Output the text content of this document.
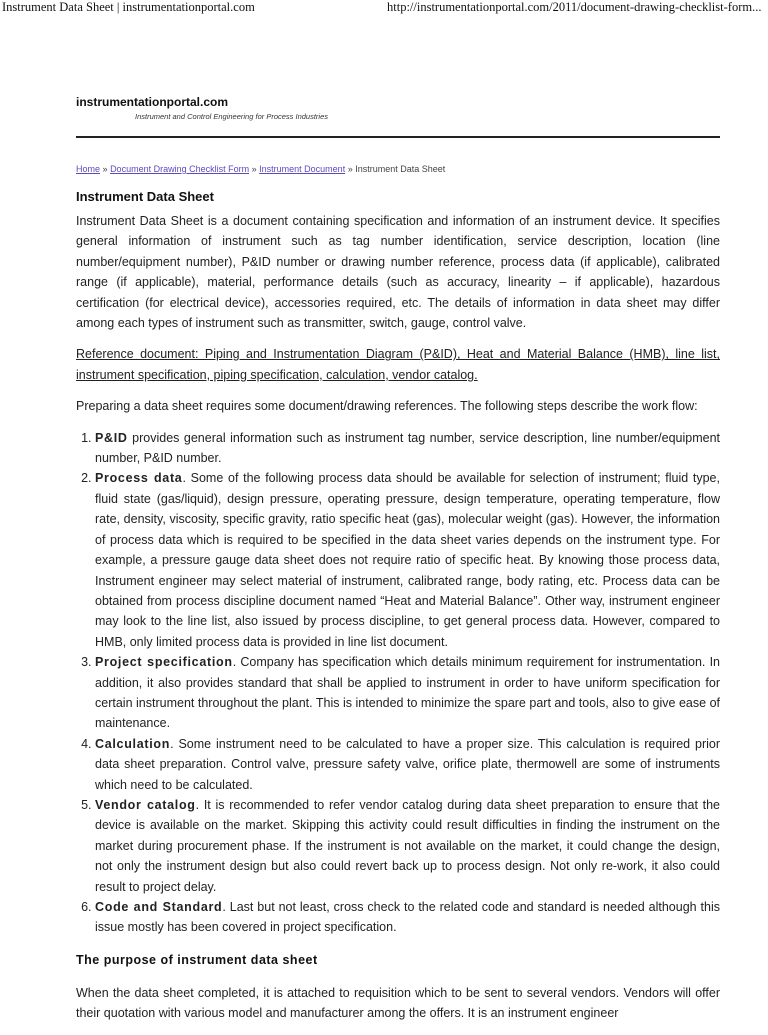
Instrument Data Sheet | instrumentationportal.com	http://instrumentationportal.com/2011/document-drawing-checklist-form...
instrumentationportal.com
Instrument and Control Engineering for Process Industries
Home » Document Drawing Checklist Form » Instrument Document » Instrument Data Sheet
Instrument Data Sheet

Instrument Data Sheet is a document containing specification and information of an instrument device. It specifies general information of instrument such as tag number identification, service description, location (line number/equipment number), P&ID number or drawing number reference, process data (if applicable), calibrated range (if applicable), material, performance details (such as accuracy, linearity – if applicable), hazardous certification (for electrical device), accessories required, etc. The details of information in data sheet may differ among each types of instrument such as transmitter, switch, gauge, control valve.

Reference document: Piping and Instrumentation Diagram (P&ID), Heat and Material Balance (HMB), line list, instrument specification, piping specification, calculation, vendor catalog.

Preparing a data sheet requires some document/drawing references. The following steps describe the work flow:

1. P&ID provides general information such as instrument tag number, service description, line number/equipment number, P&ID number.
2. Process data. Some of the following process data should be available for selection of instrument; fluid type, fluid state (gas/liquid), design pressure, operating pressure, design temperature, operating temperature, flow rate, density, viscosity, specific gravity, ratio specific heat (gas), molecular weight (gas). However, the information of process data which is required to be specified in the data sheet varies depends on the instrument type. For example, a pressure gauge data sheet does not require ratio of specific heat. By knowing those process data, Instrument engineer may select material of instrument, calibrated range, body rating, etc. Process data can be obtained from process discipline document named “Heat and Material Balance”. Other way, instrument engineer may look to the line list, also issued by process discipline, to get general process data. However, compared to HMB, only limited process data is provided in line list document.
3. Project specification. Company has specification which details minimum requirement for instrumentation. In addition, it also provides standard that shall be applied to instrument in order to have uniform specification for certain instrument throughout the plant. This is intended to minimize the spare part and tools, also to give ease of maintenance.
4. Calculation. Some instrument need to be calculated to have a proper size. This calculation is required prior data sheet preparation. Control valve, pressure safety valve, orifice plate, thermowell are some of instruments which need to be calculated.
5. Vendor catalog. It is recommended to refer vendor catalog during data sheet preparation to ensure that the device is available on the market. Skipping this activity could result difficulties in finding the instrument on the market during procurement phase. If the instrument is not available on the market, it could change the design, not only the instrument design but also could revert back up to process design. Not only re-work, it also could result to project delay.
6. Code and Standard. Last but not least, cross check to the related code and standard is needed although this issue mostly has been covered in project specification.
The purpose of instrument data sheet

When the data sheet completed, it is attached to requisition which to be sent to several vendors. Vendors will offer their quotation with various model and manufacturer among the offers. It is an instrument engineer
